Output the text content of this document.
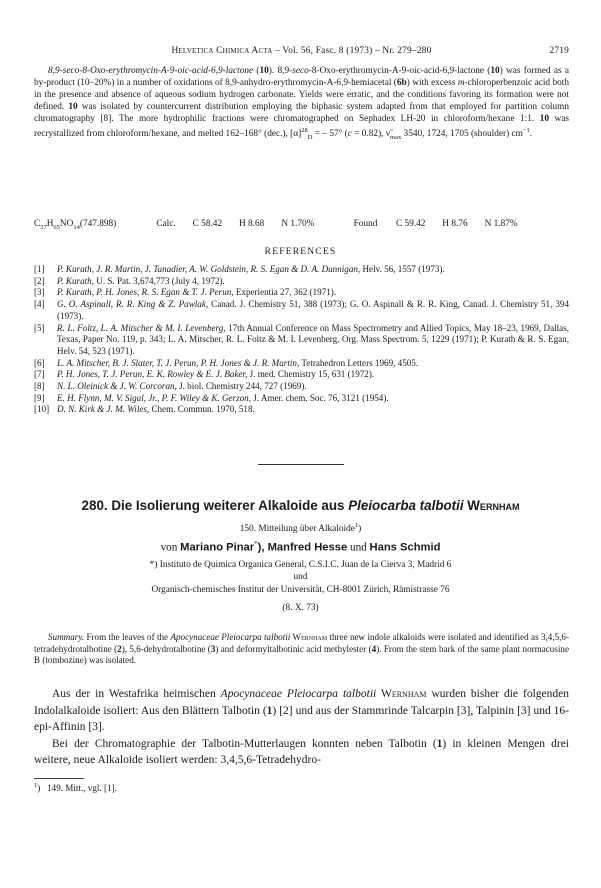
Helvetica Chimica Acta – Vol. 56, Fasc. 8 (1973) – Nr. 279–280	2719
8,9-seco-8-Oxo-erythromycin-A-9-oic-acid-6,9-lactone (10). 8,9-seco-8-Oxo-erythromycin-A-9-oic-acid-6,9-lactone (10) was formed as a by-product (10–20%) in a number of oxidations of 8,9-anhydro-erythromycin-A-6,9-hemiacetal (6b) with excess m-chloroperbenzoic acid both in the presence and absence of aqueous sodium hydrogen carbonate. Yields were erratic, and the conditions favoring its formation were not defined. 10 was isolated by countercurrent distribution employing the biphasic system adapted from that employed for partition column chromatography [8]. The more hydrophilic fractions were chromatographed on Sephadex LH-20 in chloroform/hexane 1:1. 10 was recrystallized from chloroform/hexane, and melted 162–168° (dec.), $[\alpha]^{28}_D$ = – 57° (c = 0.82), $\nũ_{max}$ 3540, 1724, 1705 (shoulder) $cm^{-1}$.
$C_{37}H_{65}NO_{14}(747.898)$	Calc. C 58.42 H 8.68 N 1.70%	Found C 59.42 H 8.76 N 1.87%
REFERENCES
[1]	P. Kurath, J. R. Martin, J. Tanadier, A. W. Goldstein, R. S. Egan & D. A. Dunnigan, Helv. 56, 1557 (1973).
[2]	P. Kurath, U. S. Pat. 3,674,773 (July 4, 1972).
[3]	P. Kurath, P. H. Jones, R. S. Egan & T. J. Perun, Experientia 27, 362 (1971).
[4]	G. O. Aspinall, R. R. King & Z. Pawlak, Canad. J. Chemistry 51, 388 (1973); G. O. Aspinall & R. R. King, Canad. J. Chemistry 51, 394 (1973).
[5]	R. L. Foltz, L. A. Mitscher & M. I. Levenberg, 17th Annual Conference on Mass Spectrometry and Allied Topics, May 18–23, 1969, Dallas, Texas, Paper No. 119, p. 343; L. A. Mitscher, R. L. Foltz & M. I. Levenberg, Org. Mass Spectrom. 5, 1229 (1971); P. Kurath & R. S. Egan, Helv. 54, 523 (1971).
[6]	L. A. Mitscher, B. J. Slater, T. J. Perun, P. H. Jones & J. R. Martin, Tetrahedron Letters 1969, 4505.
[7]	P. H. Jones, T. J. Perun, E. K. Rowley & E. J. Baker, J. med. Chemistry 15, 631 (1972).
[8]	N. L. Oleinick & J. W. Corcoran, J. biol. Chemistry 244, 727 (1969).
[9]	E. H. Flynn, M. V. Sigal, Jr., P. F. Wiley & K. Gerzon, J. Amer. chem. Soc. 76, 3121 (1954).
[10] D. N. Kirk & J. M. Wiles, Chem. Commun. 1970, 518.
280. Die Isolierung weiterer Alkaloide aus Pleiocarba talbotii Wernham
150. Mitteilung über Alkaloide$^1$)
von Mariano Pinar*), Manfred Hesse und Hans Schmid
*) Instituto de Quimica Organica General, C.S.I.C. Juan de la Cierva 3, Madrid 6
und
Organisch-chemisches Institut der Universität, CH-8001 Zürich, Rämistrasse 76
(8. X. 73)
Summary. From the leaves of the Apocynaceae Pleiocarpa talbotii Wernham three new indole alkaloids were isolated and identified as 3,4,5,6-tetradehydrotalbotine (2), 5,6-dehydrotalbotine (3) and deformyltalbotinic acid methylester (4). From the stem bark of the same plant normacusine B (tombozine) was isolated.

Aus der in Westafrika heimischen Apocynaceae Pleiocarpa talbotii Wernham wurden bisher die folgenden Indolalkaloide isoliert: Aus den Blättern Talbotin (1) [2] und aus der Stammrinde Talcarpin [3], Talpinin [3] und 16-epi-Affinin [3].

Bei der Chromatographie der Talbotin-Mutterlaugen konnten neben Talbotin (1) in kleinen Mengen drei weitere, neue Alkaloide isoliert werden: 3,4,5,6-Tetradehydro-

$^1$)   149. Mitt., vgl. [1].
